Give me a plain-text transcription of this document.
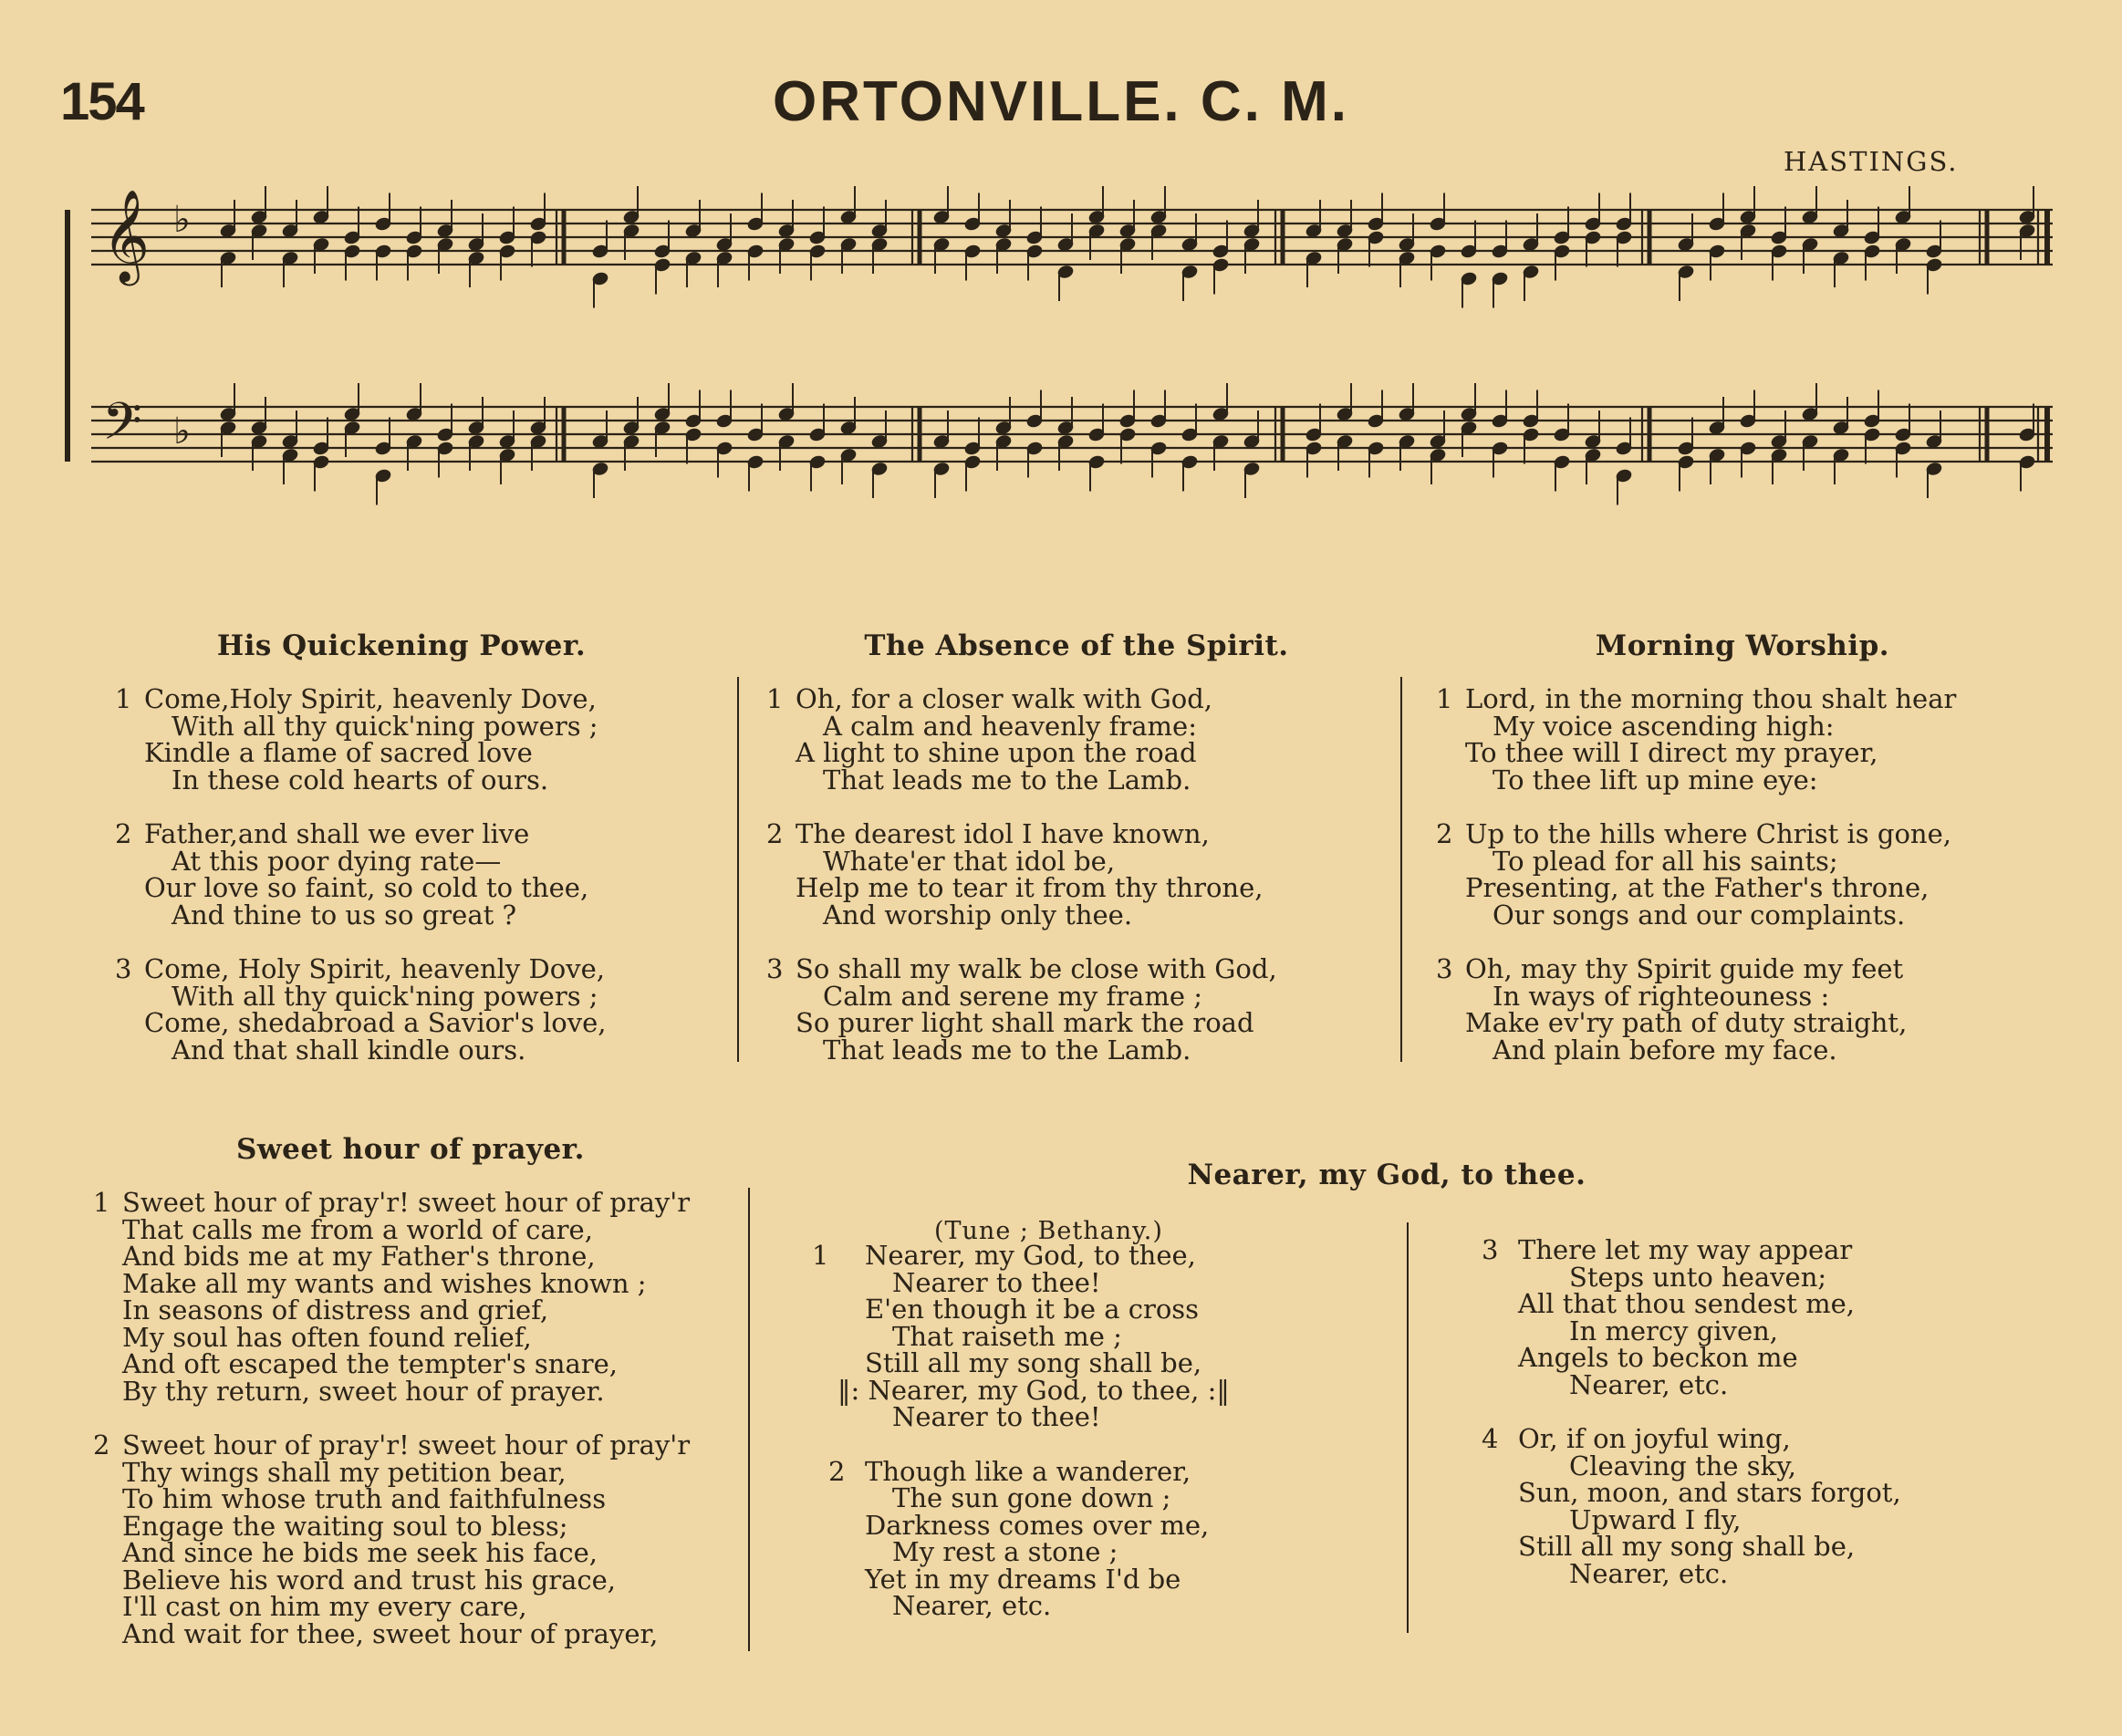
154	ORTONVILLE. C. M.
HASTINGS.
𝄞
𝄢
♭
♭
His Quickening Power.
1 Come,Holy Spirit, heavenly Dove,
With all thy quick'ning powers ;
Kindle a flame of sacred love
In these cold hearts of ours.
2 Father,and shall we ever live
At this poor dying rate—
Our love so faint, so cold to thee,
And thine to us so great ?
3 Come, Holy Spirit, heavenly Dove,
With all thy quick'ning powers ;
Come, shedabroad a Savior's love,
And that shall kindle ours.
The Absence of the Spirit.
1 Oh, for a closer walk with God,
A calm and heavenly frame:
A light to shine upon the road
That leads me to the Lamb.
2 The dearest idol I have known,
Whate'er that idol be,
Help me to tear it from thy throne,
And worship only thee.
3 So shall my walk be close with God,
Calm and serene my frame ;
So purer light shall mark the road
That leads me to the Lamb.
Morning Worship.
1 Lord, in the morning thou shalt hear
My voice ascending high:
To thee will I direct my prayer,
To thee lift up mine eye:
2 Up to the hills where Christ is gone,
To plead for all his saints;
Presenting, at the Father's throne,
Our songs and our complaints.
3 Oh, may thy Spirit guide my feet
In ways of righteouness :
Make ev'ry path of duty straight,
And plain before my face.
Sweet hour of prayer.
1 Sweet hour of pray'r! sweet hour of pray'r
That calls me from a world of care,
And bids me at my Father's throne,
Make all my wants and wishes known ;
In seasons of distress and grief,
My soul has often found relief,
And oft escaped the tempter's snare,
By thy return, sweet hour of prayer.
2 Sweet hour of pray'r! sweet hour of pray'r
Thy wings shall my petition bear,
To him whose truth and faithfulness
Engage the waiting soul to bless;
And since he bids me seek his face,
Believe his word and trust his grace,
I'll cast on him my every care,
And wait for thee, sweet hour of prayer,
Nearer, my God, to thee.
(Tune ; Bethany.)
1 Nearer, my God, to thee,
Nearer to thee!
E'en though it be a cross
That raiseth me ;
Still all my song shall be,
‖: Nearer, my God, to thee, :‖
Nearer to thee!
2 Though like a wanderer,
The sun gone down ;
Darkness comes over me,
My rest a stone ;
Yet in my dreams I'd be
Nearer, etc.
3 There let my way appear
Steps unto heaven;
All that thou sendest me,
In mercy given,
Angels to beckon me
Nearer, etc.
4 Or, if on joyful wing,
Cleaving the sky,
Sun, moon, and stars forgot,
Upward I fly,
Still all my song shall be,
Nearer, etc.
